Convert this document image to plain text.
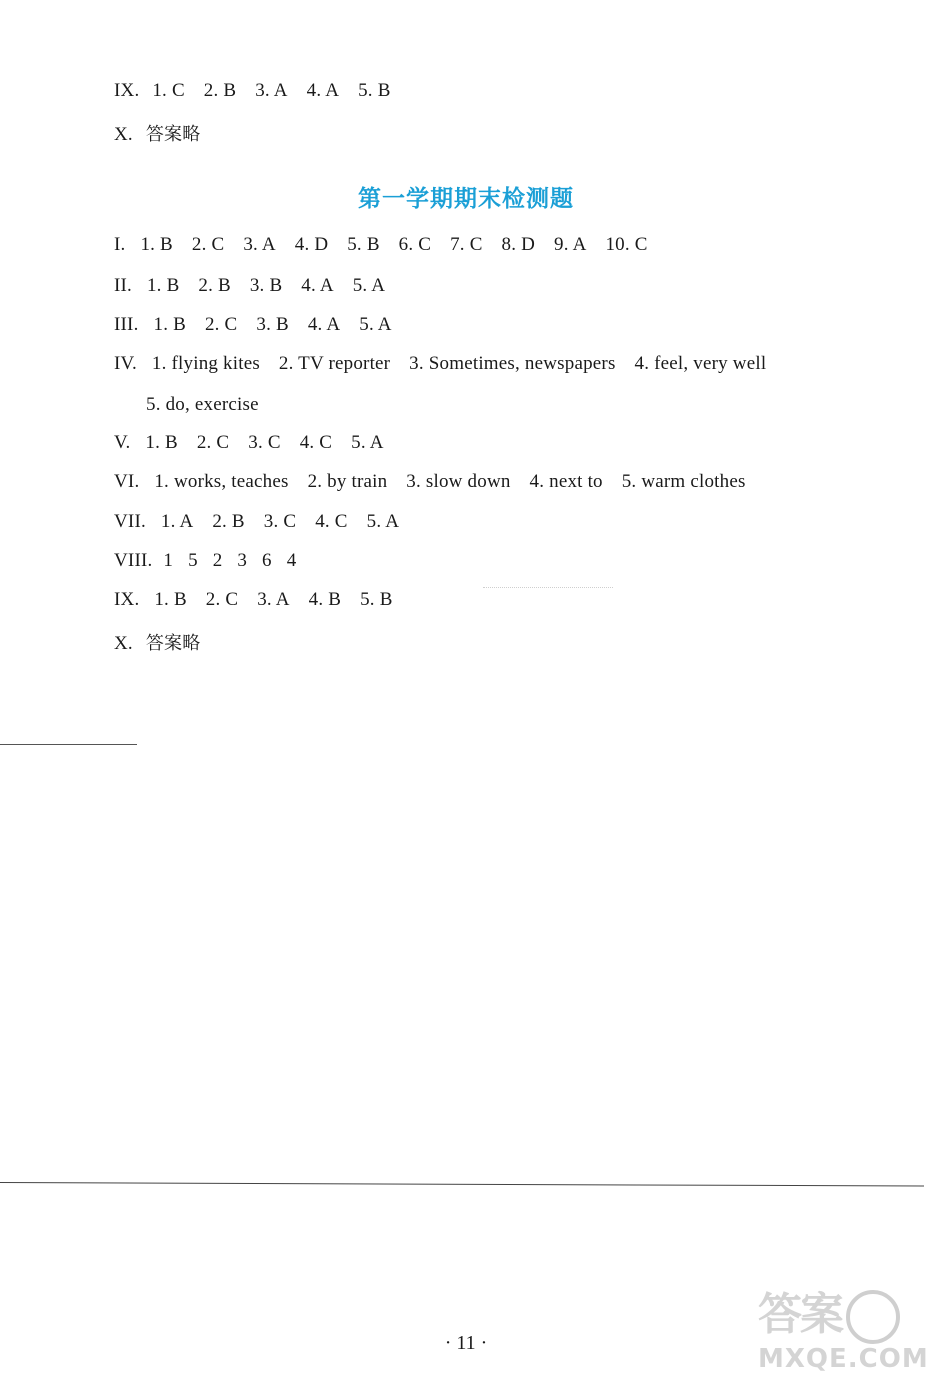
IX. 1. C 2. B 3. A 4. A 5. B
X. 答案略
第一学期期末检测题
I. 1. B 2. C 3. A 4. D 5. B 6. C 7. C 8. D 9. A 10. C
II. 1. B 2. B 3. B 4. A 5. A
III. 1. B 2. C 3. B 4. A 5. A
IV. 1. flying kites 2. TV reporter 3. Sometimes, newspapers 4. feel, very well
5. do, exercise
V. 1. B 2. C 3. C 4. C 5. A
VI. 1. works, teaches 2. by train 3. slow down 4. next to 5. warm clothes
VII. 1. A 2. B 3. C 4. C 5. A
VIII. 1 5 2 3 6 4
IX. 1. B 2. C 3. A 4. B 5. B
X. 答案略
· 11 ·
答案
MXQE.COM
